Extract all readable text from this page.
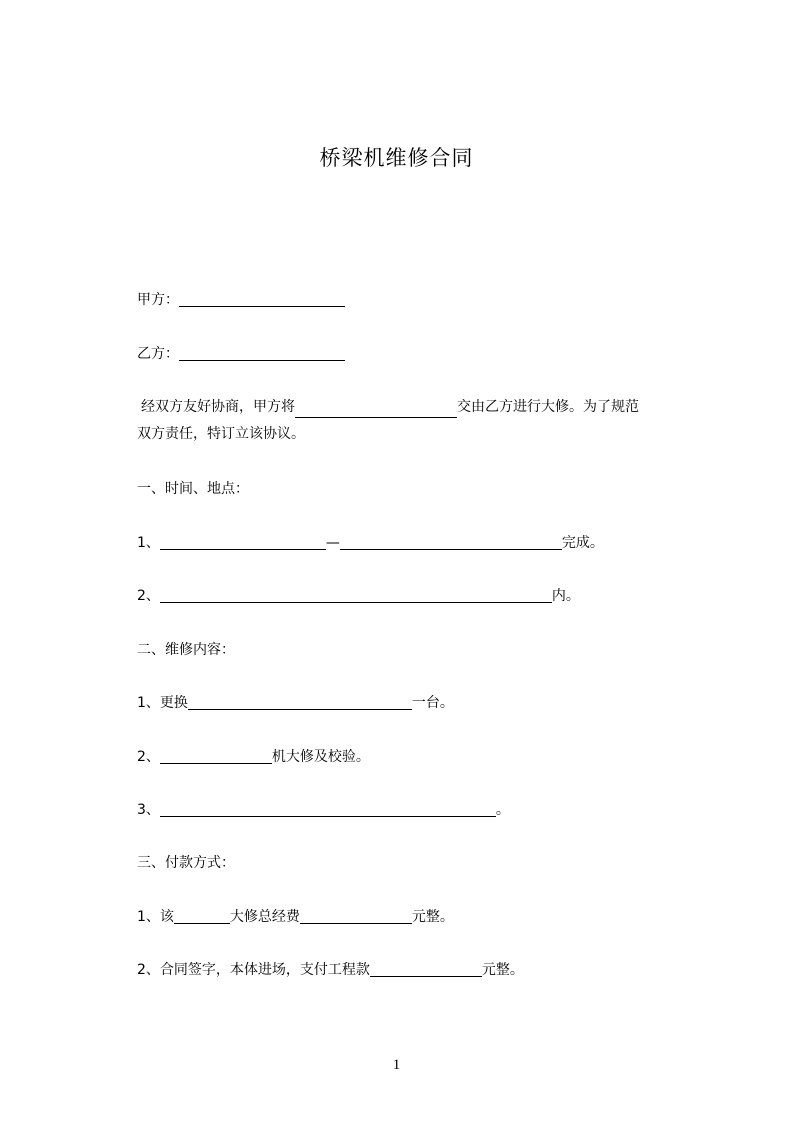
桥梁机维修合同
甲方：
乙方：
经双方友好协商，甲方将	交由乙方进行大修。为了规范
双方责任，特订立该协议。
一、时间、地点：
1、	—	完成。
2、	内。
二、维修内容：
1、更换	一台。
2、	机大修及校验。
3、	。
三、付款方式：
1、该	大修总经费	元整。
2、合同签字，本体进场，支付工程款	元整。
1
